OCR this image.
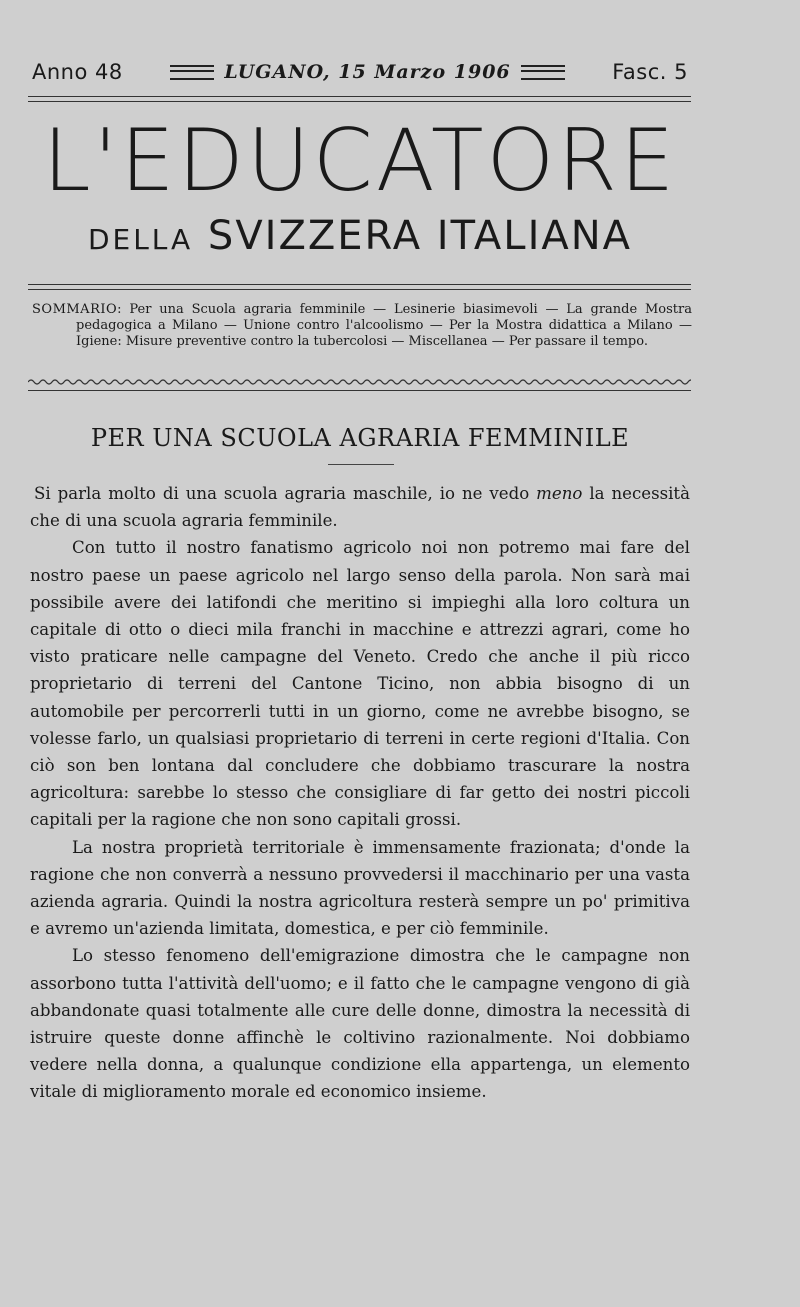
Anno 48	LUGANO, 15 Marzo 1906	Fasc. 5
L'EDUCATORE
DELLA SVIZZERA ITALIANA
SOMMARIO: Per una Scuola agraria femminile — Lesinerie biasimevoli — La grande Mostra pedagogica a Milano — Unione contro l'alcoolismo — Per la Mostra didattica a Milano — Igiene: Misure preventive contro la tubercolosi — Miscellanea — Per passare il tempo.
PER UNA SCUOLA AGRARIA FEMMINILE

Si parla molto di una scuola agraria maschile, io ne vedo meno la necessità che di una scuola agraria femminile.

Con tutto il nostro fanatismo agricolo noi non potremo mai fare del nostro paese un paese agricolo nel largo senso della parola. Non sarà mai possibile avere dei latifondi che meritino si impieghi alla loro coltura un capitale di otto o dieci mila franchi in macchine e attrezzi agrari, come ho visto praticare nelle campagne del Veneto. Credo che anche il più ricco proprietario di terreni del Cantone Ticino, non abbia bisogno di un automobile per percorrerli tutti in un giorno, come ne avrebbe bisogno, se volesse farlo, un qualsiasi proprietario di terreni in certe regioni d'Italia. Con ciò son ben lontana dal concludere che dobbiamo trascurare la nostra agricoltura: sarebbe lo stesso che consigliare di far getto dei nostri piccoli capitali per la ragione che non sono capitali grossi.

La nostra proprietà territoriale è immensamente frazionata; d'onde la ragione che non converrà a nessuno provvedersi il macchinario per una vasta azienda agraria. Quindi la nostra agricoltura resterà sempre un po' primitiva e avremo un'azienda limitata, domestica, e per ciò femminile.

Lo stesso fenomeno dell'emigrazione dimostra che le campagne non assorbono tutta l'attività dell'uomo; e il fatto che le campagne vengono di già abbandonate quasi totalmente alle cure delle donne, dimostra la necessità di istruire queste donne affinchè le coltivino razionalmente. Noi dobbiamo vedere nella donna, a qualunque condizione ella appartenga, un elemento vitale di miglioramento morale ed economico insieme.
